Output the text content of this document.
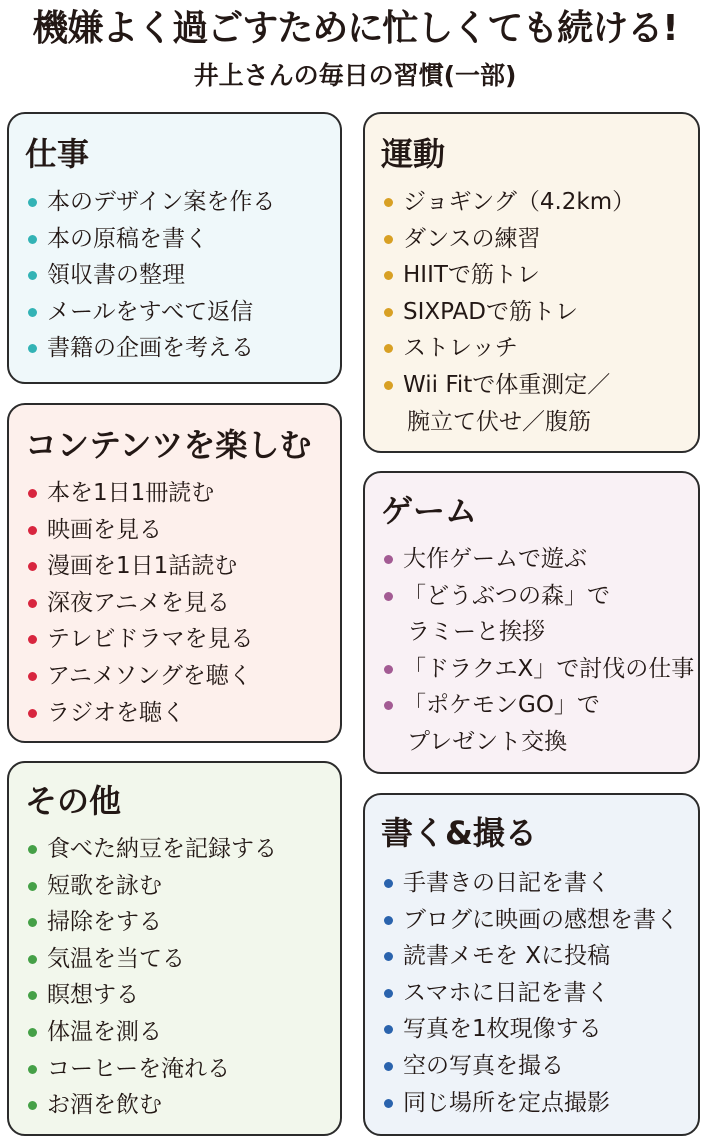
機嫌よく過ごすために忙しくても続ける!
井上さんの毎日の習慣(一部)
仕事
本のデザイン案を作る
本の原稿を書く
領収書の整理
メールをすべて返信
書籍の企画を考える
運動
ジョギング（4.2km）
ダンスの練習
HIITで筋トレ
SIXPADで筋トレ
ストレッチ
Wii Fitで体重測定／
腕立て伏せ／腹筋
コンテンツを楽しむ
本を1日1冊読む
映画を見る
漫画を1日1話読む
深夜アニメを見る
テレビドラマを見る
アニメソングを聴く
ラジオを聴く
ゲーム
大作ゲームで遊ぶ
「どうぶつの森」で
ラミーと挨拶
「ドラクエX」で討伐の仕事
「ポケモンGO」で
プレゼント交換
その他
食べた納豆を記録する
短歌を詠む
掃除をする
気温を当てる
瞑想する
体温を測る
コーヒーを淹れる
お酒を飲む
書く&撮る
手書きの日記を書く
ブログに映画の感想を書く
読書メモを Xに投稿
スマホに日記を書く
写真を1枚現像する
空の写真を撮る
同じ場所を定点撮影
